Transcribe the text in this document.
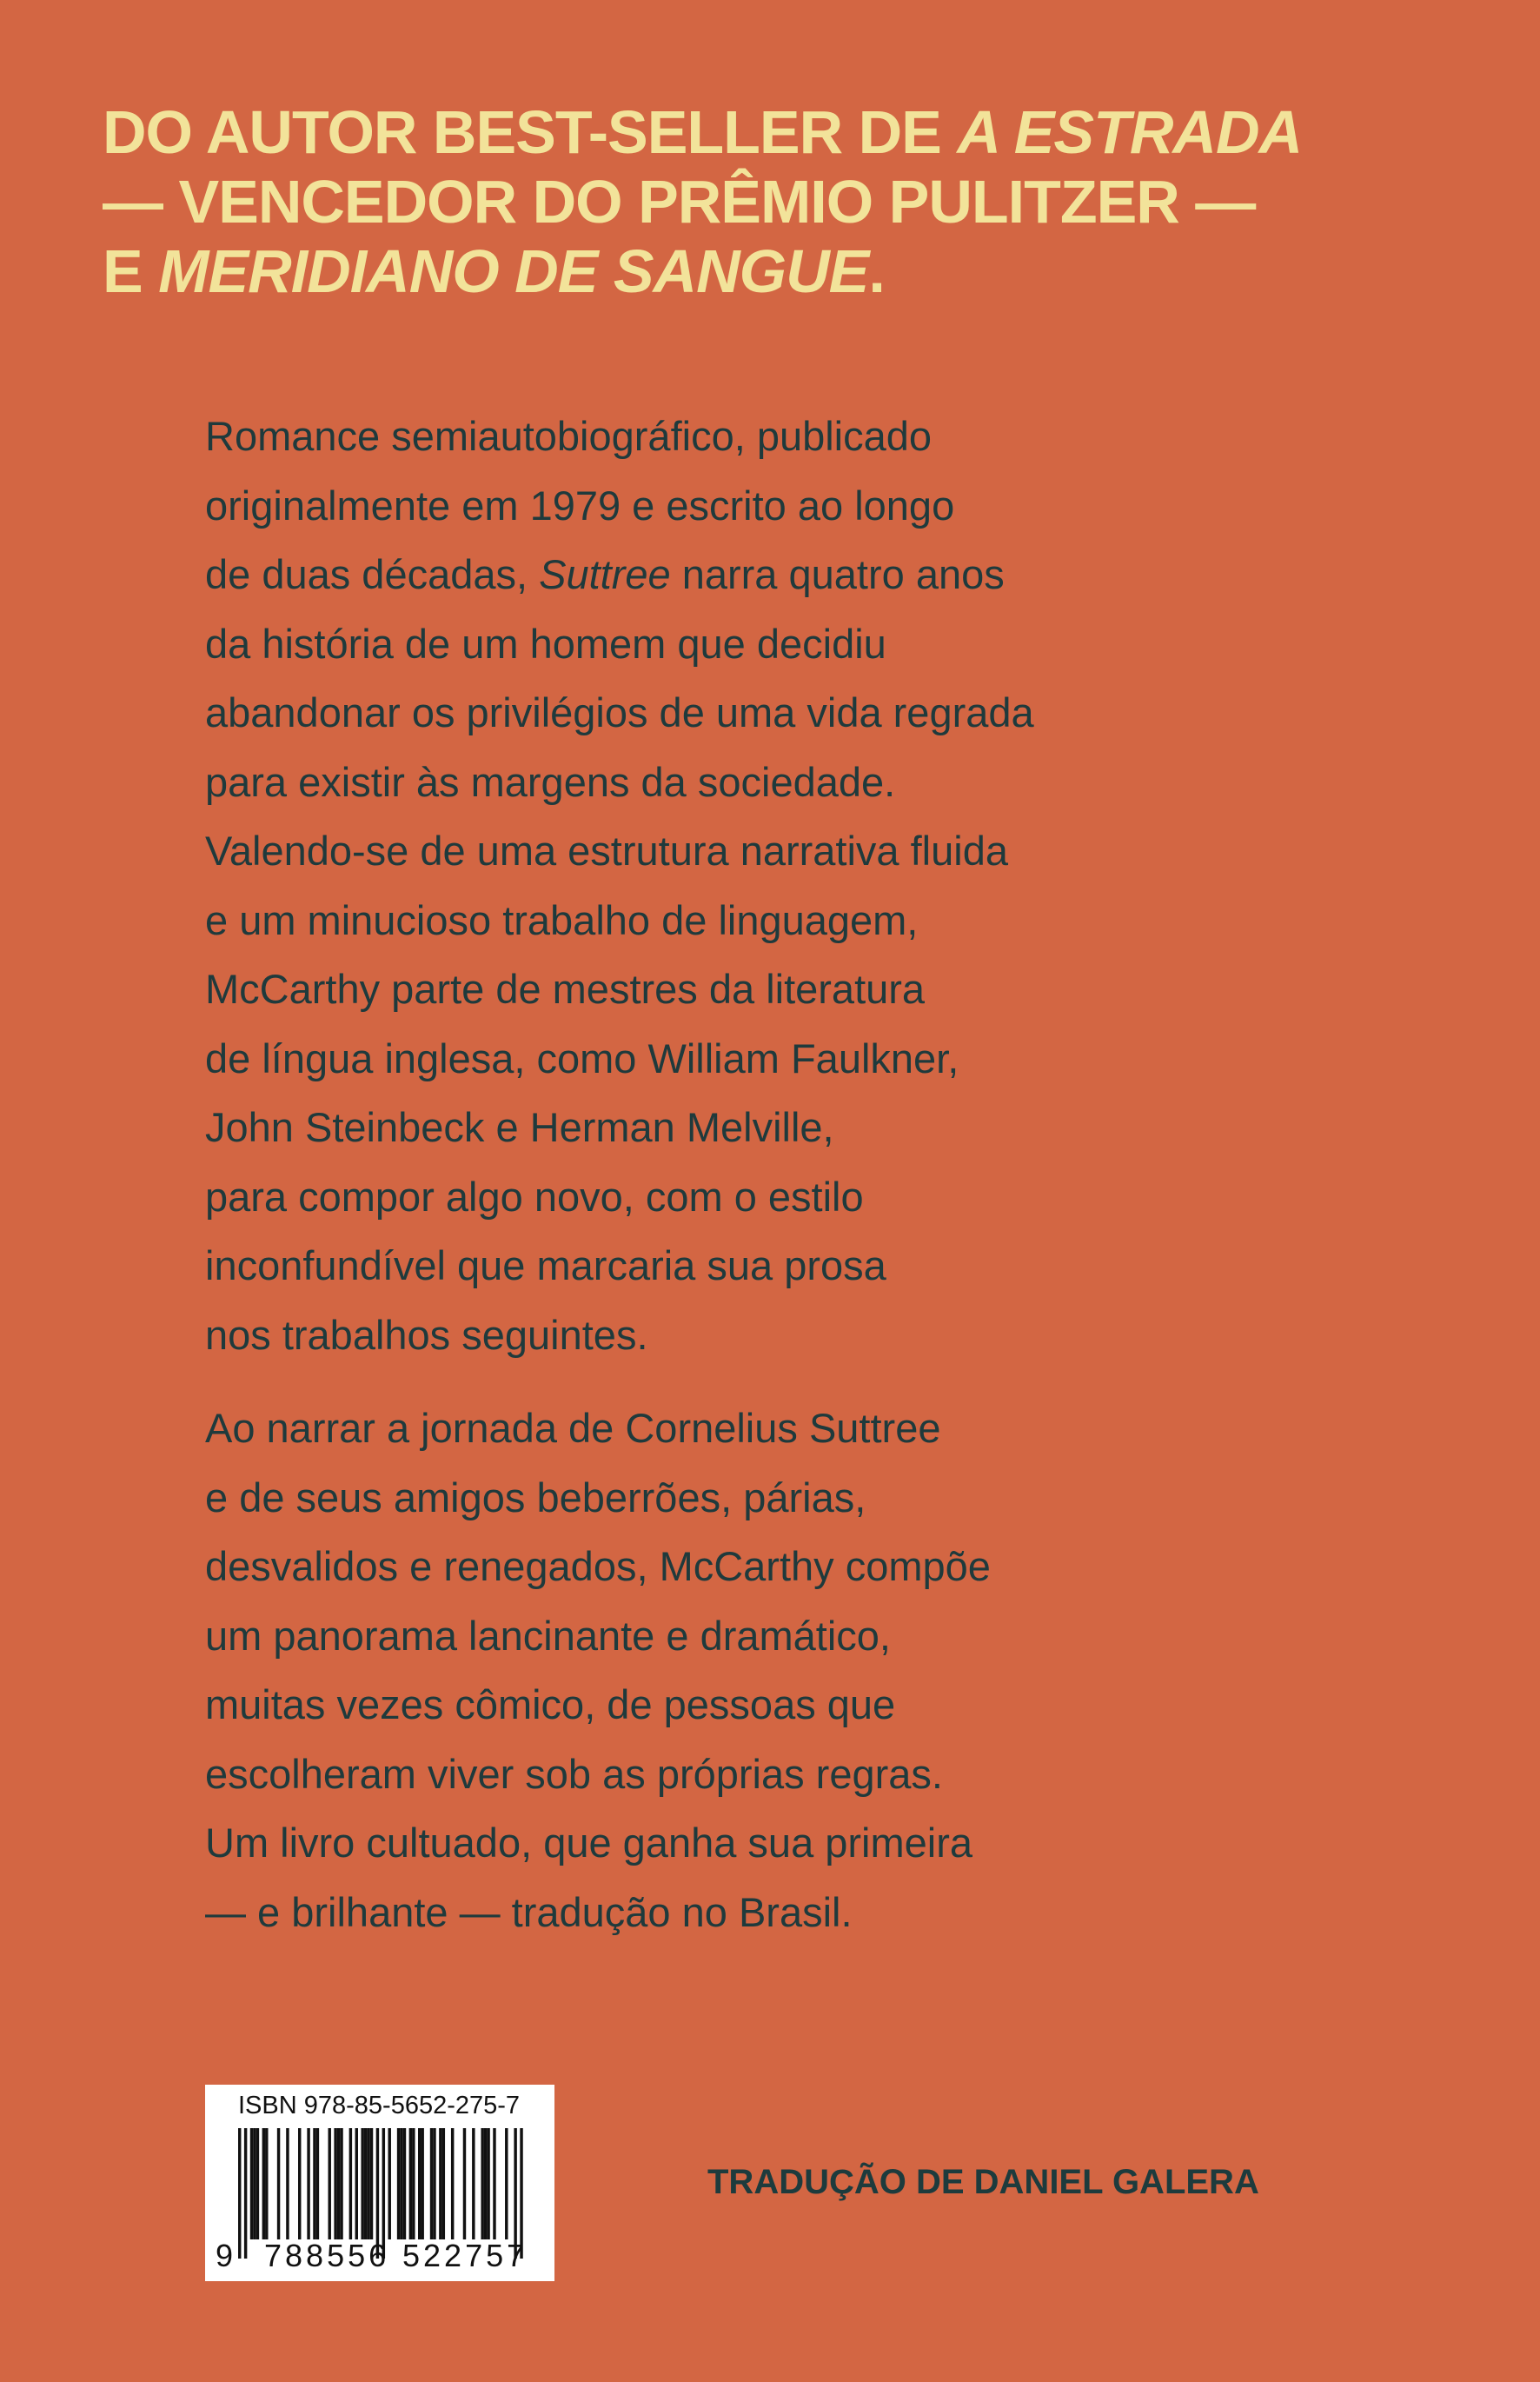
DO AUTOR BEST-SELLER DE A ESTRADA
— VENCEDOR DO PRÊMIO PULITZER —
E MERIDIANO DE SANGUE.

Romance semiautobiográfico, publicado
originalmente em 1979 e escrito ao longo
de duas décadas, Suttree narra quatro anos
da história de um homem que decidiu
abandonar os privilégios de uma vida regrada
para existir às margens da sociedade.
Valendo-se de uma estrutura narrativa fluida
e um minucioso trabalho de linguagem,
McCarthy parte de mestres da literatura
de língua inglesa, como William Faulkner,
John Steinbeck e Herman Melville,
para compor algo novo, com o estilo
inconfundível que marcaria sua prosa
nos trabalhos seguintes.

Ao narrar a jornada de Cornelius Suttree
e de seus amigos beberrões, párias,
desvalidos e renegados, McCarthy compõe
um panorama lancinante e dramático,
muitas vezes cômico, de pessoas que
escolheram viver sob as próprias regras.
Um livro cultuado, que ganha sua primeira
— e brilhante — tradução no Brasil.

ISBN 978-85-5652-275-7
9 788556 522757
TRADUÇÃO DE DANIEL GALERA
